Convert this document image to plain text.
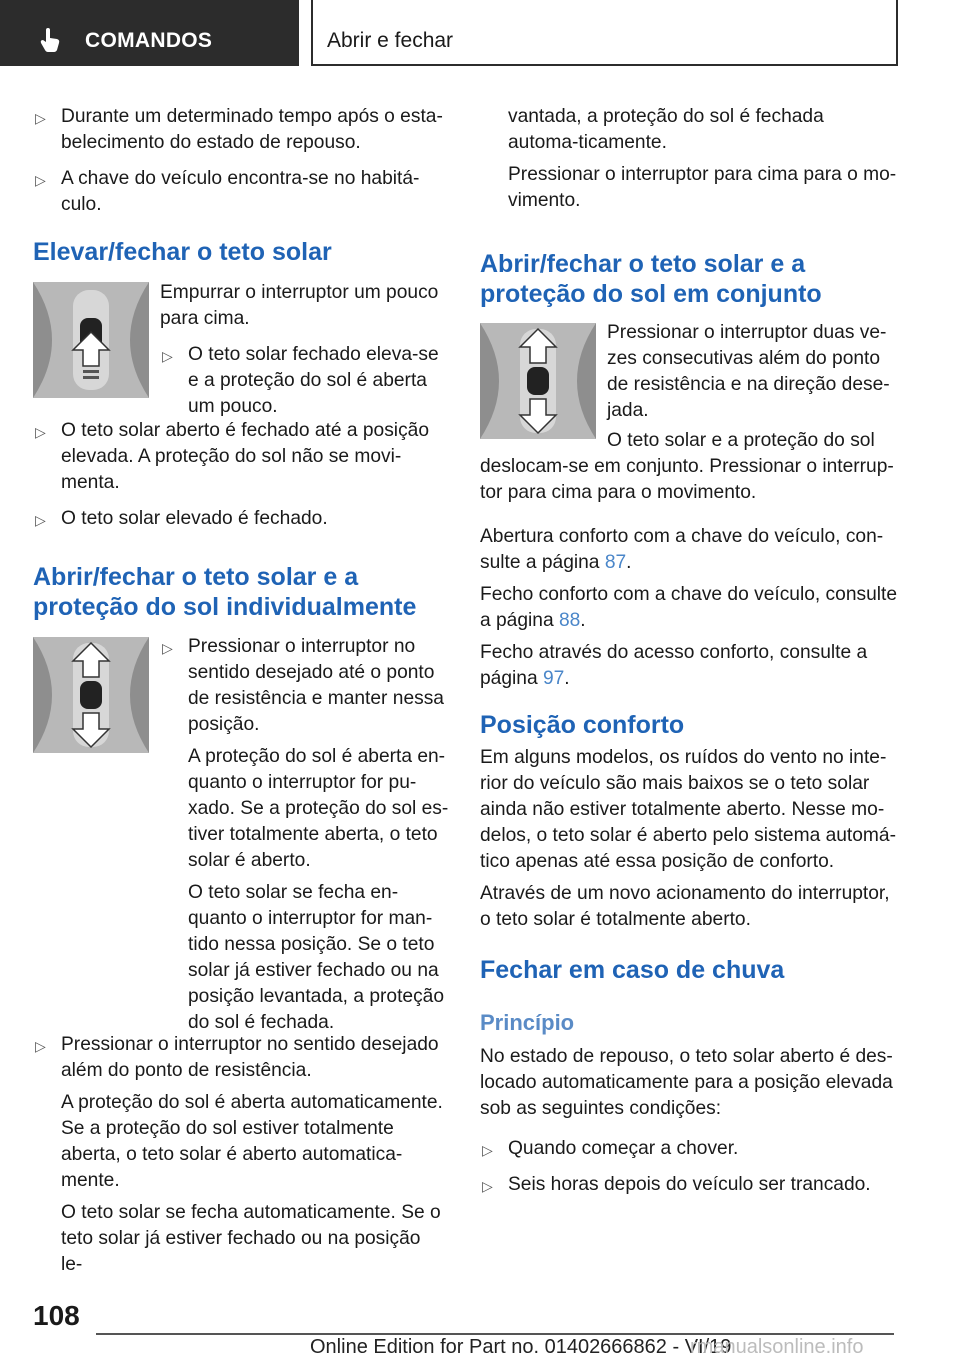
COMANDOS	Abrir e fechar
▷ Durante um determinado tempo após o esta-belecimento do estado de repouso.
▷ A chave do veículo encontra-se no habitá-culo.
Elevar/fechar o teto solar

Empurrar o interruptor um pouco para cima.

▷ O teto solar fechado eleva-se e a proteção do sol é aberta um pouco.
▷ O teto solar aberto é fechado até a posição elevada. A proteção do sol não se movi-menta.
▷ O teto solar elevado é fechado.
Abrir/fechar o teto solar e a proteção do sol individualmente
▷ Pressionar o interruptor no sentido desejado até o ponto de resistência e manter nessa posição.

A proteção do sol é aberta en-quanto o interruptor for pu-xado. Se a proteção do sol es-tiver totalmente aberta, o teto solar é aberto.

O teto solar se fecha en-quanto o interruptor for man-tido nessa posição. Se o teto solar já estiver fechado ou na posição levantada, a proteção do sol é fechada.

▷ Pressionar o interruptor no sentido desejado além do ponto de resistência.

A proteção do sol é aberta automaticamente. Se a proteção do sol estiver totalmente aberta, o teto solar é aberto automatica-mente.

O teto solar se fecha automaticamente. Se o teto solar já estiver fechado ou na posição le-

vantada, a proteção do sol é fechada automa-ticamente.

Pressionar o interruptor para cima para o mo-vimento.

Abrir/fechar o teto solar e a proteção do sol em conjunto

Pressionar o interruptor duas ve-zes consecutivas além do ponto de resistência e na direção dese-jada.

O teto solar e a proteção do sol deslocam-se em conjunto. Pressionar o interrup-tor para cima para o movimento.

Abertura conforto com a chave do veículo, con-sulte a página 87.

Fecho conforto com a chave do veículo, consulte a página 88.

Fecho através do acesso conforto, consulte a página 97.

Posição conforto

Em alguns modelos, os ruídos do vento no inte-rior do veículo são mais baixos se o teto solar ainda não estiver totalmente aberto. Nesse mo-delos, o teto solar é aberto pelo sistema automá-tico apenas até essa posição de conforto.

Através de um novo acionamento do interruptor, o teto solar é totalmente aberto.

Fechar em caso de chuva
Princípio

No estado de repouso, o teto solar aberto é des-locado automaticamente para a posição elevada sob as seguintes condições:

▷ Quando começar a chover.
▷ Seis horas depois do veículo ser trancado.
108
Online Edition for Part no. 01402666862 - VI/19
rmanualsonline.info
